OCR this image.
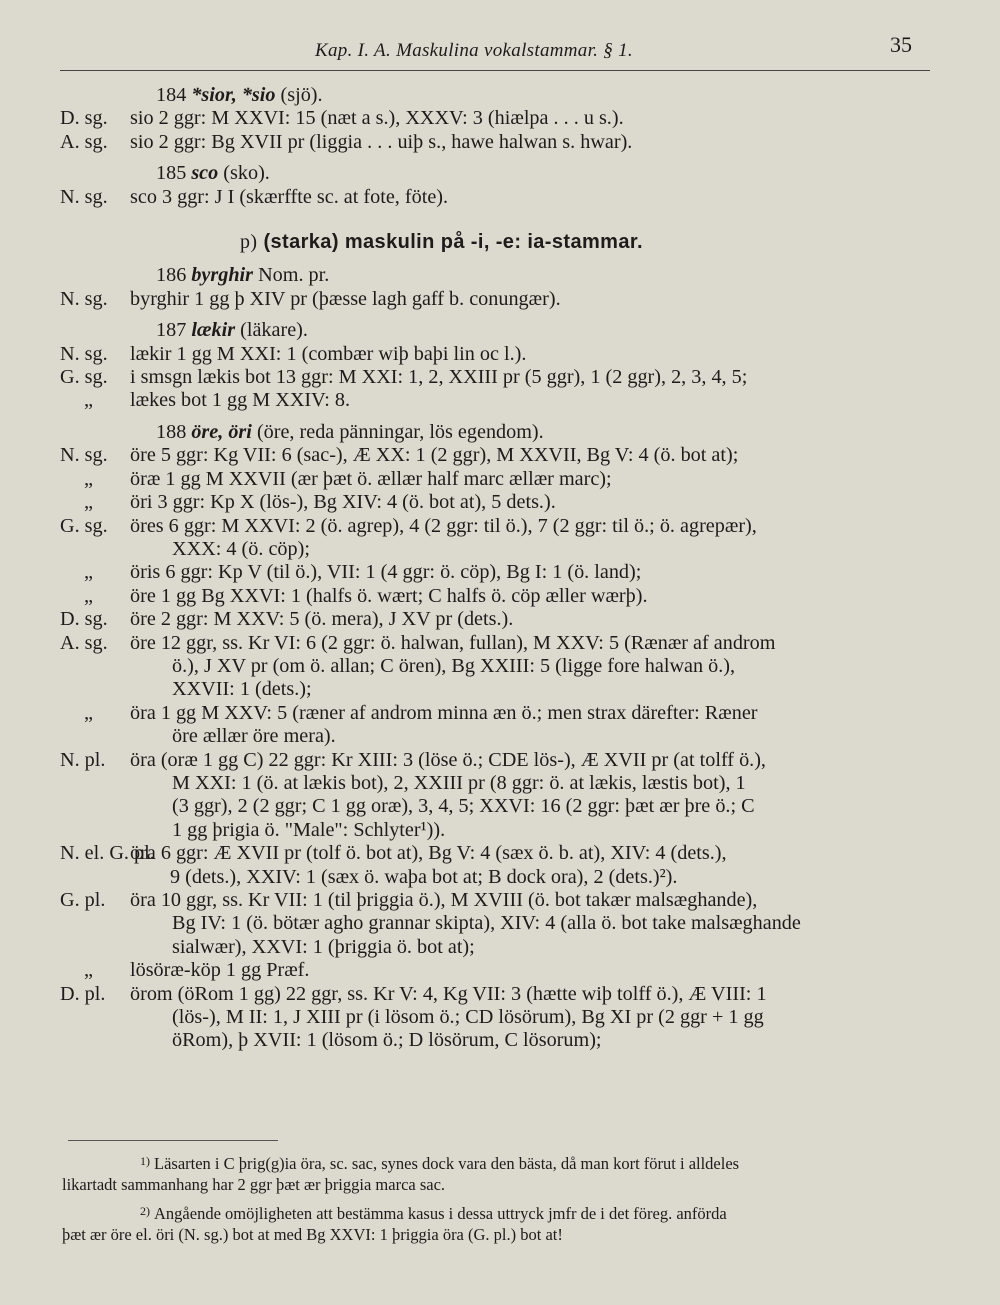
Kap. I. A. Maskulina vokalstammar. § 1.	35
184 *sior, *sio (sjö).
D. sg. sio 2 ggr: M XXVI: 15 (næt a s.), XXXV: 3 (hiælpa . . . u s.).
A. sg. sio 2 ggr: Bg XVII pr (liggia . . . uiþ s., hawe halwan s. hwar).
185 sco (sko).
N. sg. sco 3 ggr: J I (skærffte sc. at fote, föte).
p) (starka) maskulin på -i, -e: ia-stammar.
186 byrghir Nom. pr.
N. sg. byrghir 1 gg þ XIV pr (þæsse lagh gaff b. conungær).
187 lækir (läkare).
N. sg. lækir 1 gg M XXI: 1 (combær wiþ baþi lin oc l.).
G. sg. i smsgn lækis bot 13 ggr: M XXI: 1, 2, XXIII pr (5 ggr), 1 (2 ggr), 2, 3, 4, 5;
„ lækes bot 1 gg M XXIV: 8.
188 öre, öri (öre, reda pänningar, lös egendom).
N. sg. öre 5 ggr: Kg VII: 6 (sac-), Æ XX: 1 (2 ggr), M XXVII, Bg V: 4 (ö. bot at);
„ öræ 1 gg M XXVII (ær þæt ö. ællær half marc ællær marc);
„ öri 3 ggr: Kp X (lös-), Bg XIV: 4 (ö. bot at), 5 dets.).
G. sg. öres 6 ggr: M XXVI: 2 (ö. agrep), 4 (2 ggr: til ö.), 7 (2 ggr: til ö.; ö. agrepær),
XXX: 4 (ö. cöp);
„ öris 6 ggr: Kp V (til ö.), VII: 1 (4 ggr: ö. cöp), Bg I: 1 (ö. land);
„ öre 1 gg Bg XXVI: 1 (halfs ö. wært; C halfs ö. cöp æller wærþ).
D. sg. öre 2 ggr: M XXV: 5 (ö. mera), J XV pr (dets.).
A. sg. öre 12 ggr, ss. Kr VI: 6 (2 ggr: ö. halwan, fullan), M XXV: 5 (Rænær af androm
ö.), J XV pr (om ö. allan; C ören), Bg XXIII: 5 (ligge fore halwan ö.),
XXVII: 1 (dets.);
„ öra 1 gg M XXV: 5 (ræner af androm minna æn ö.; men strax därefter: Ræner
öre ællær öre mera).
N. pl. öra (oræ 1 gg C) 22 ggr: Kr XIII: 3 (löse ö.; CDE lös-), Æ XVII pr (at tolff ö.),
M XXI: 1 (ö. at lækis bot), 2, XXIII pr (8 ggr: ö. at lækis, læstis bot), 1
(3 ggr), 2 (2 ggr; C 1 gg oræ), 3, 4, 5; XXVI: 16 (2 ggr: þæt ær þre ö.; C
1 gg þrigia ö. "Male": Schlyter¹)).
N. el. G. pl.
öra 6 ggr: Æ XVII pr (tolf ö. bot at), Bg V: 4 (sæx ö. b. at), XIV: 4 (dets.),
9 (dets.), XXIV: 1 (sæx ö. waþa bot at; B dock ora), 2 (dets.)²).
G. pl. öra 10 ggr, ss. Kr VII: 1 (til þriggia ö.), M XVIII (ö. bot takær malsæghande),
Bg IV: 1 (ö. bötær agho grannar skipta), XIV: 4 (alla ö. bot take malsæghande
sialwær), XXVI: 1 (þriggia ö. bot at);
„ lösöræ-köp 1 gg Præf.
D. pl. örom (öRom 1 gg) 22 ggr, ss. Kr V: 4, Kg VII: 3 (hætte wiþ tolff ö.), Æ VIII: 1
(lös-), M II: 1, J XIII pr (i lösom ö.; CD lösörum), Bg XI pr (2 ggr + 1 gg
öRom), þ XVII: 1 (lösom ö.; D lösörum, C lösorum);
$^{1)}$ Läsarten i C þrig(g)ia öra, sc. sac, synes dock vara den bästa, då man kort förut i alldeles
likartadt sammanhang har 2 ggr þæt ær þriggia marca sac.
$^{2)}$ Angående omöjligheten att bestämma kasus i dessa uttryck jmfr de i det föreg. anförda
þæt ær öre el. öri (N. sg.) bot at med Bg XXVI: 1 þriggia öra (G. pl.) bot at!
